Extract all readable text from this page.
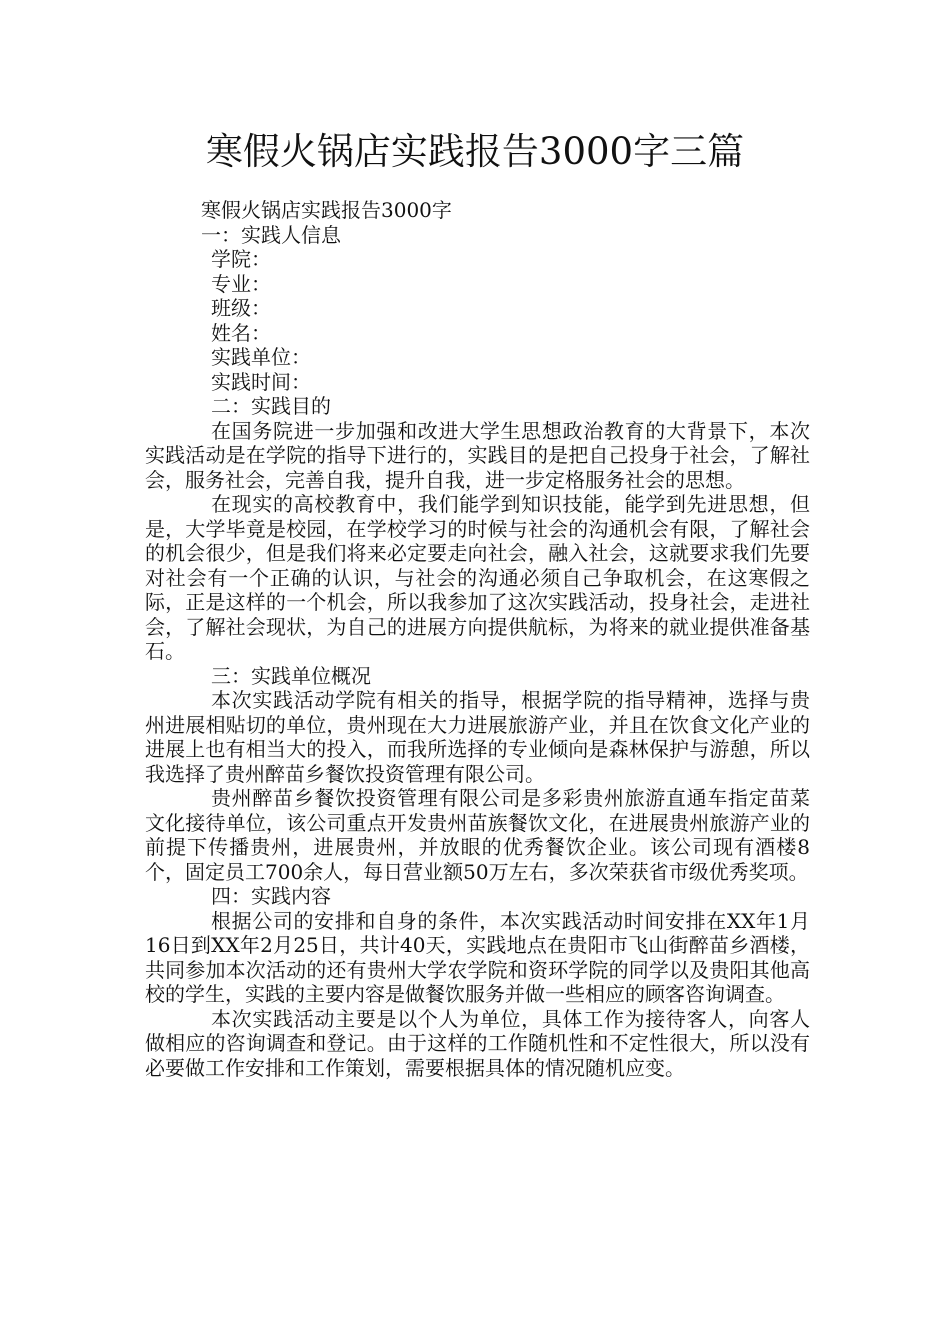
寒假火锅店实践报告3000字三篇
寒假火锅店实践报告3000字
一：实践人信息
学院：
专业：
班级：
姓名：
实践单位：
实践时间：
二：实践目的
在国务院进一步加强和改进大学生思想政治教育的大背景下，本次实践活动是在学院的指导下进行的，实践目的是把自己投身于社会，了解社会，服务社会，完善自我，提升自我，进一步定格服务社会的思想。
在现实的高校教育中，我们能学到知识技能，能学到先进思想，但是，大学毕竟是校园，在学校学习的时候与社会的沟通机会有限，了解社会的机会很少，但是我们将来必定要走向社会，融入社会，这就要求我们先要对社会有一个正确的认识，与社会的沟通必须自己争取机会，在这寒假之际，正是这样的一个机会，所以我参加了这次实践活动，投身社会，走进社会，了解社会现状，为自己的进展方向提供航标，为将来的就业提供准备基石。
三：实践单位概况
本次实践活动学院有相关的指导，根据学院的指导精神，选择与贵州进展相贴切的单位，贵州现在大力进展旅游产业，并且在饮食文化产业的进展上也有相当大的投入，而我所选择的专业倾向是森林保护与游憩，所以我选择了贵州醉苗乡餐饮投资管理有限公司。
贵州醉苗乡餐饮投资管理有限公司是多彩贵州旅游直通车指定苗菜文化接待单位，该公司重点开发贵州苗族餐饮文化，在进展贵州旅游产业的前提下传播贵州，进展贵州，并放眼的优秀餐饮企业。该公司现有酒楼8个，固定员工700余人，每日营业额50万左右，多次荣获省市级优秀奖项。
四：实践内容
根据公司的安排和自身的条件，本次实践活动时间安排在XX年1月16日到XX年2月25日，共计40天，实践地点在贵阳市飞山街醉苗乡酒楼，共同参加本次活动的还有贵州大学农学院和资环学院的同学以及贵阳其他高校的学生，实践的主要内容是做餐饮服务并做一些相应的顾客咨询调查。
本次实践活动主要是以个人为单位，具体工作为接待客人，向客人做相应的咨询调查和登记。由于这样的工作随机性和不定性很大，所以没有必要做工作安排和工作策划，需要根据具体的情况随机应变。
